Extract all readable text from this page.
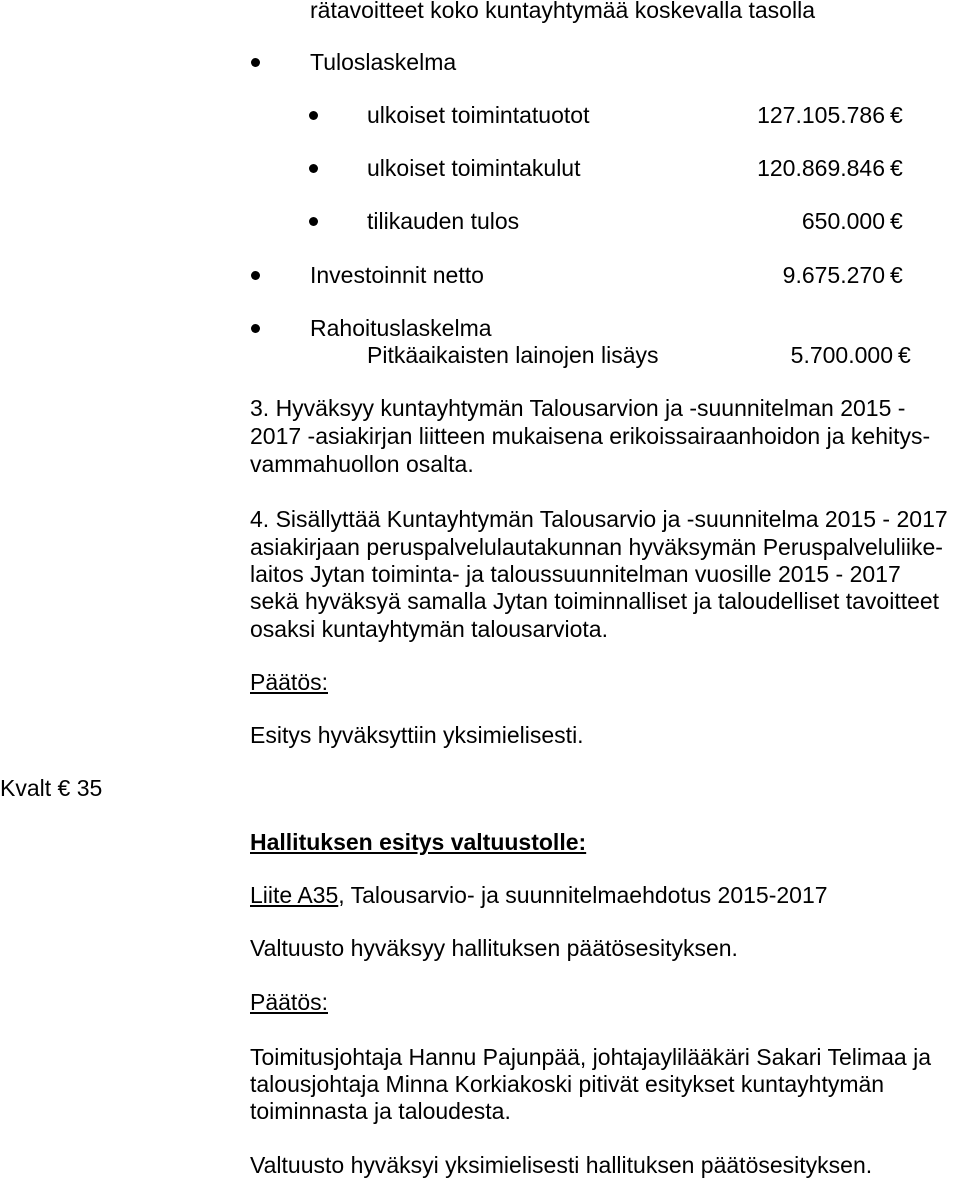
rätavoitteet koko kuntayhtymää koskevalla tasolla
Tuloslaskelma
ulkoiset toimintatuotot	127.105.786 €
ulkoiset toimintakulut	120.869.846 €
tilikauden tulos	650.000 €
Investoinnit netto	9.675.270 €
Rahoituslaskelma
Pitkäaikaisten lainojen lisäys	5.700.000 €
3. Hyväksyy kuntayhtymän Talousarvion ja -suunnitelman 2015 -
2017 -asiakirjan liitteen mukaisena erikoissairaanhoidon ja kehitys-
vammahuollon osalta.
4. Sisällyttää Kuntayhtymän Talousarvio ja -suunnitelma 2015 - 2017
asiakirjaan peruspalvelulautakunnan hyväksymän Peruspalveluliike-
laitos Jytan toiminta- ja taloussuunnitelman vuosille 2015 - 2017
sekä hyväksyä samalla Jytan toiminnalliset ja taloudelliset tavoitteet
osaksi kuntayhtymän talousarviota.
Päätös:
Esitys hyväksyttiin yksimielisesti.
Kvalt € 35
Hallituksen esitys valtuustolle:
Liite A35, Talousarvio- ja suunnitelmaehdotus 2015-2017
Valtuusto hyväksyy hallituksen päätösesityksen.
Päätös:
Toimitusjohtaja Hannu Pajunpää, johtajaylilääkäri Sakari Telimaa ja
talousjohtaja Minna Korkiakoski pitivät esitykset kuntayhtymän
toiminnasta ja taloudesta.
Valtuusto hyväksyi yksimielisesti hallituksen päätösesityksen.
